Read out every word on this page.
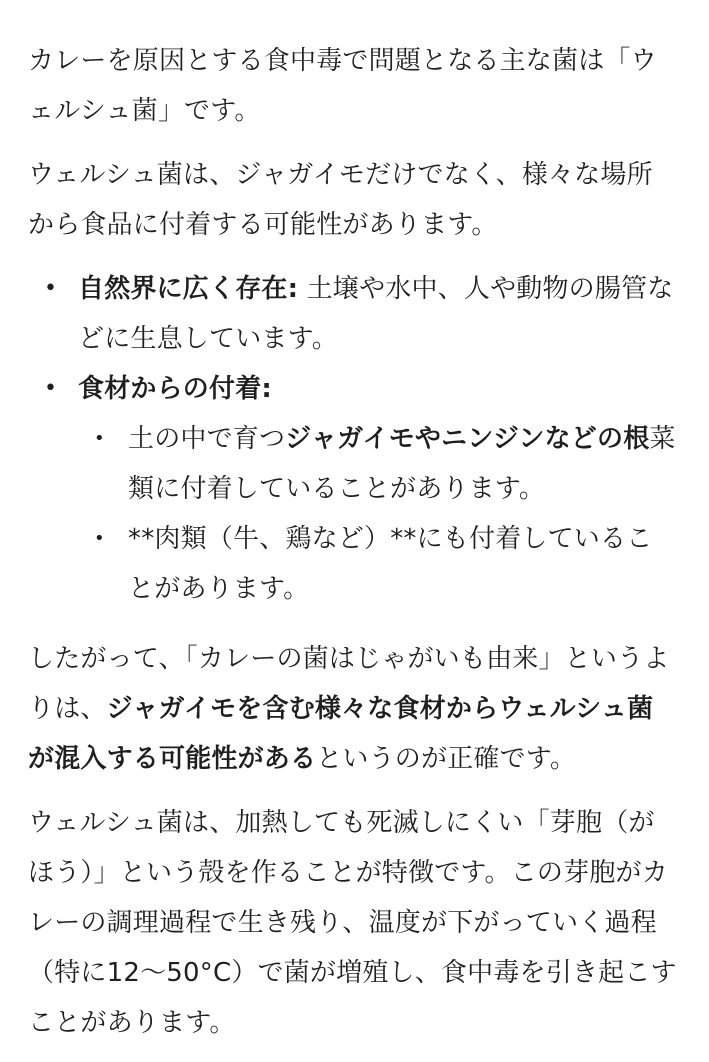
カレーを原因とする食中毒で問題となる主な菌は「ウェルシュ菌」です。

ウェルシュ菌は、ジャガイモだけでなく、様々な場所から食品に付着する可能性があります。

• 自然界に広く存在: 土壌や水中、人や動物の腸管などに生息しています。
• 食材からの付着:
• 土の中で育つジャガイモやニンジンなどの根菜類に付着していることがあります。
• **肉類（牛、鶏など）**にも付着していることがあります。

したがって、「カレーの菌はじゃがいも由来」というよりは、ジャガイモを含む様々な食材からウェルシュ菌が混入する可能性があるというのが正確です。

ウェルシュ菌は、加熱しても死滅しにくい「芽胞（がほう）」という殻を作ることが特徴です。この芽胞がカレーの調理過程で生き残り、温度が下がっていく過程（特に12〜50°C）で菌が増殖し、食中毒を引き起こすことがあります。
